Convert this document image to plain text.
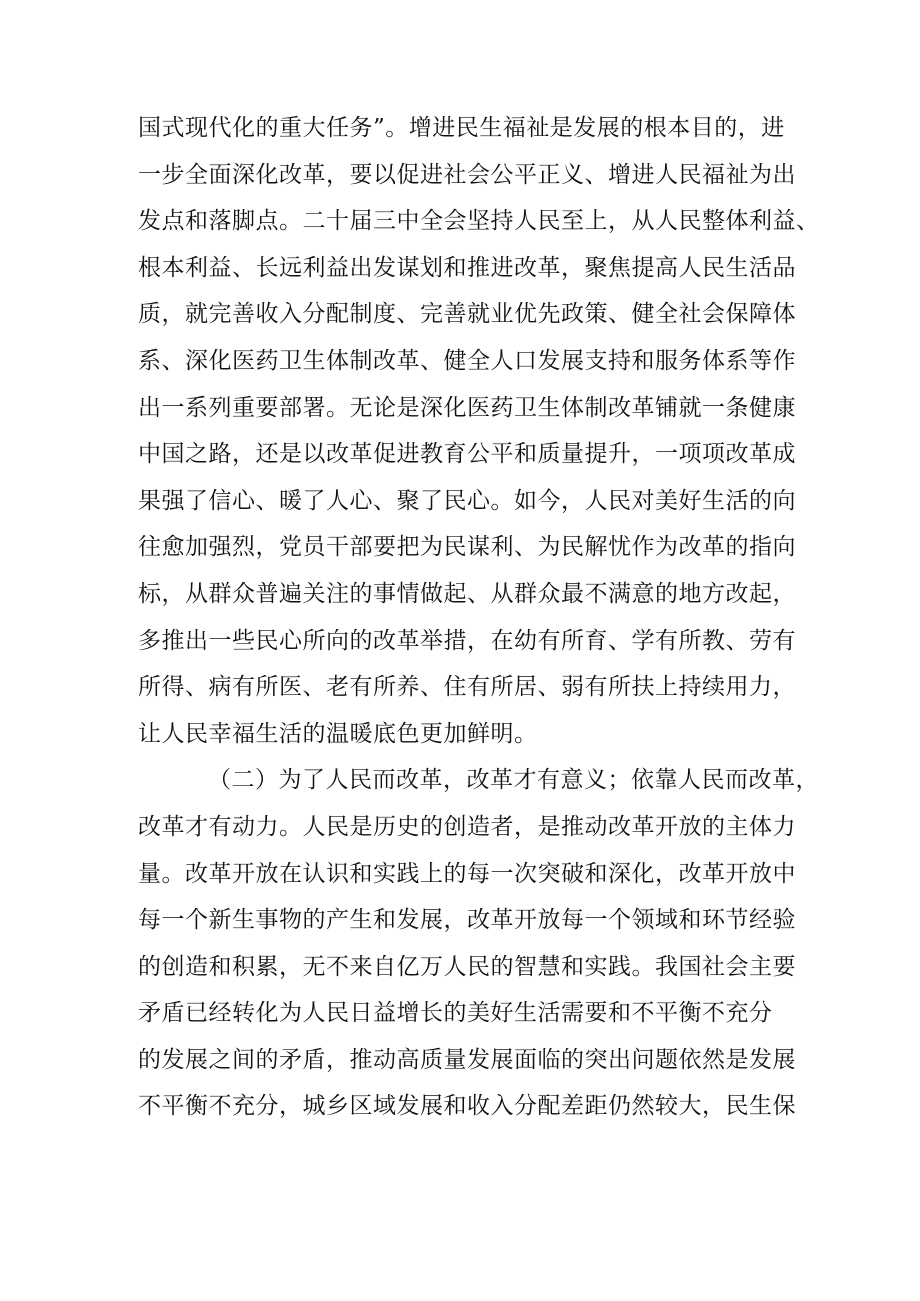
国式现代化的重大任务”。增进民生福祉是发展的根本目的，进
一步全面深化改革，要以促进社会公平正义、增进人民福祉为出
发点和落脚点。二十届三中全会坚持人民至上，从人民整体利益、
根本利益、长远利益出发谋划和推进改革，聚焦提高人民生活品
质，就完善收入分配制度、完善就业优先政策、健全社会保障体
系、深化医药卫生体制改革、健全人口发展支持和服务体系等作
出一系列重要部署。无论是深化医药卫生体制改革铺就一条健康
中国之路，还是以改革促进教育公平和质量提升，一项项改革成
果强了信心、暖了人心、聚了民心。如今，人民对美好生活的向
往愈加强烈，党员干部要把为民谋利、为民解忧作为改革的指向
标，从群众普遍关注的事情做起、从群众最不满意的地方改起，
多推出一些民心所向的改革举措，在幼有所育、学有所教、劳有
所得、病有所医、老有所养、住有所居、弱有所扶上持续用力，
让人民幸福生活的温暖底色更加鲜明。
（二）为了人民而改革，改革才有意义；依靠人民而改革，
改革才有动力。人民是历史的创造者，是推动改革开放的主体力
量。改革开放在认识和实践上的每一次突破和深化，改革开放中
每一个新生事物的产生和发展，改革开放每一个领域和环节经验
的创造和积累，无不来自亿万人民的智慧和实践。我国社会主要
矛盾已经转化为人民日益增长的美好生活需要和不平衡不充分
的发展之间的矛盾，推动高质量发展面临的突出问题依然是发展
不平衡不充分，城乡区域发展和收入分配差距仍然较大，民生保
